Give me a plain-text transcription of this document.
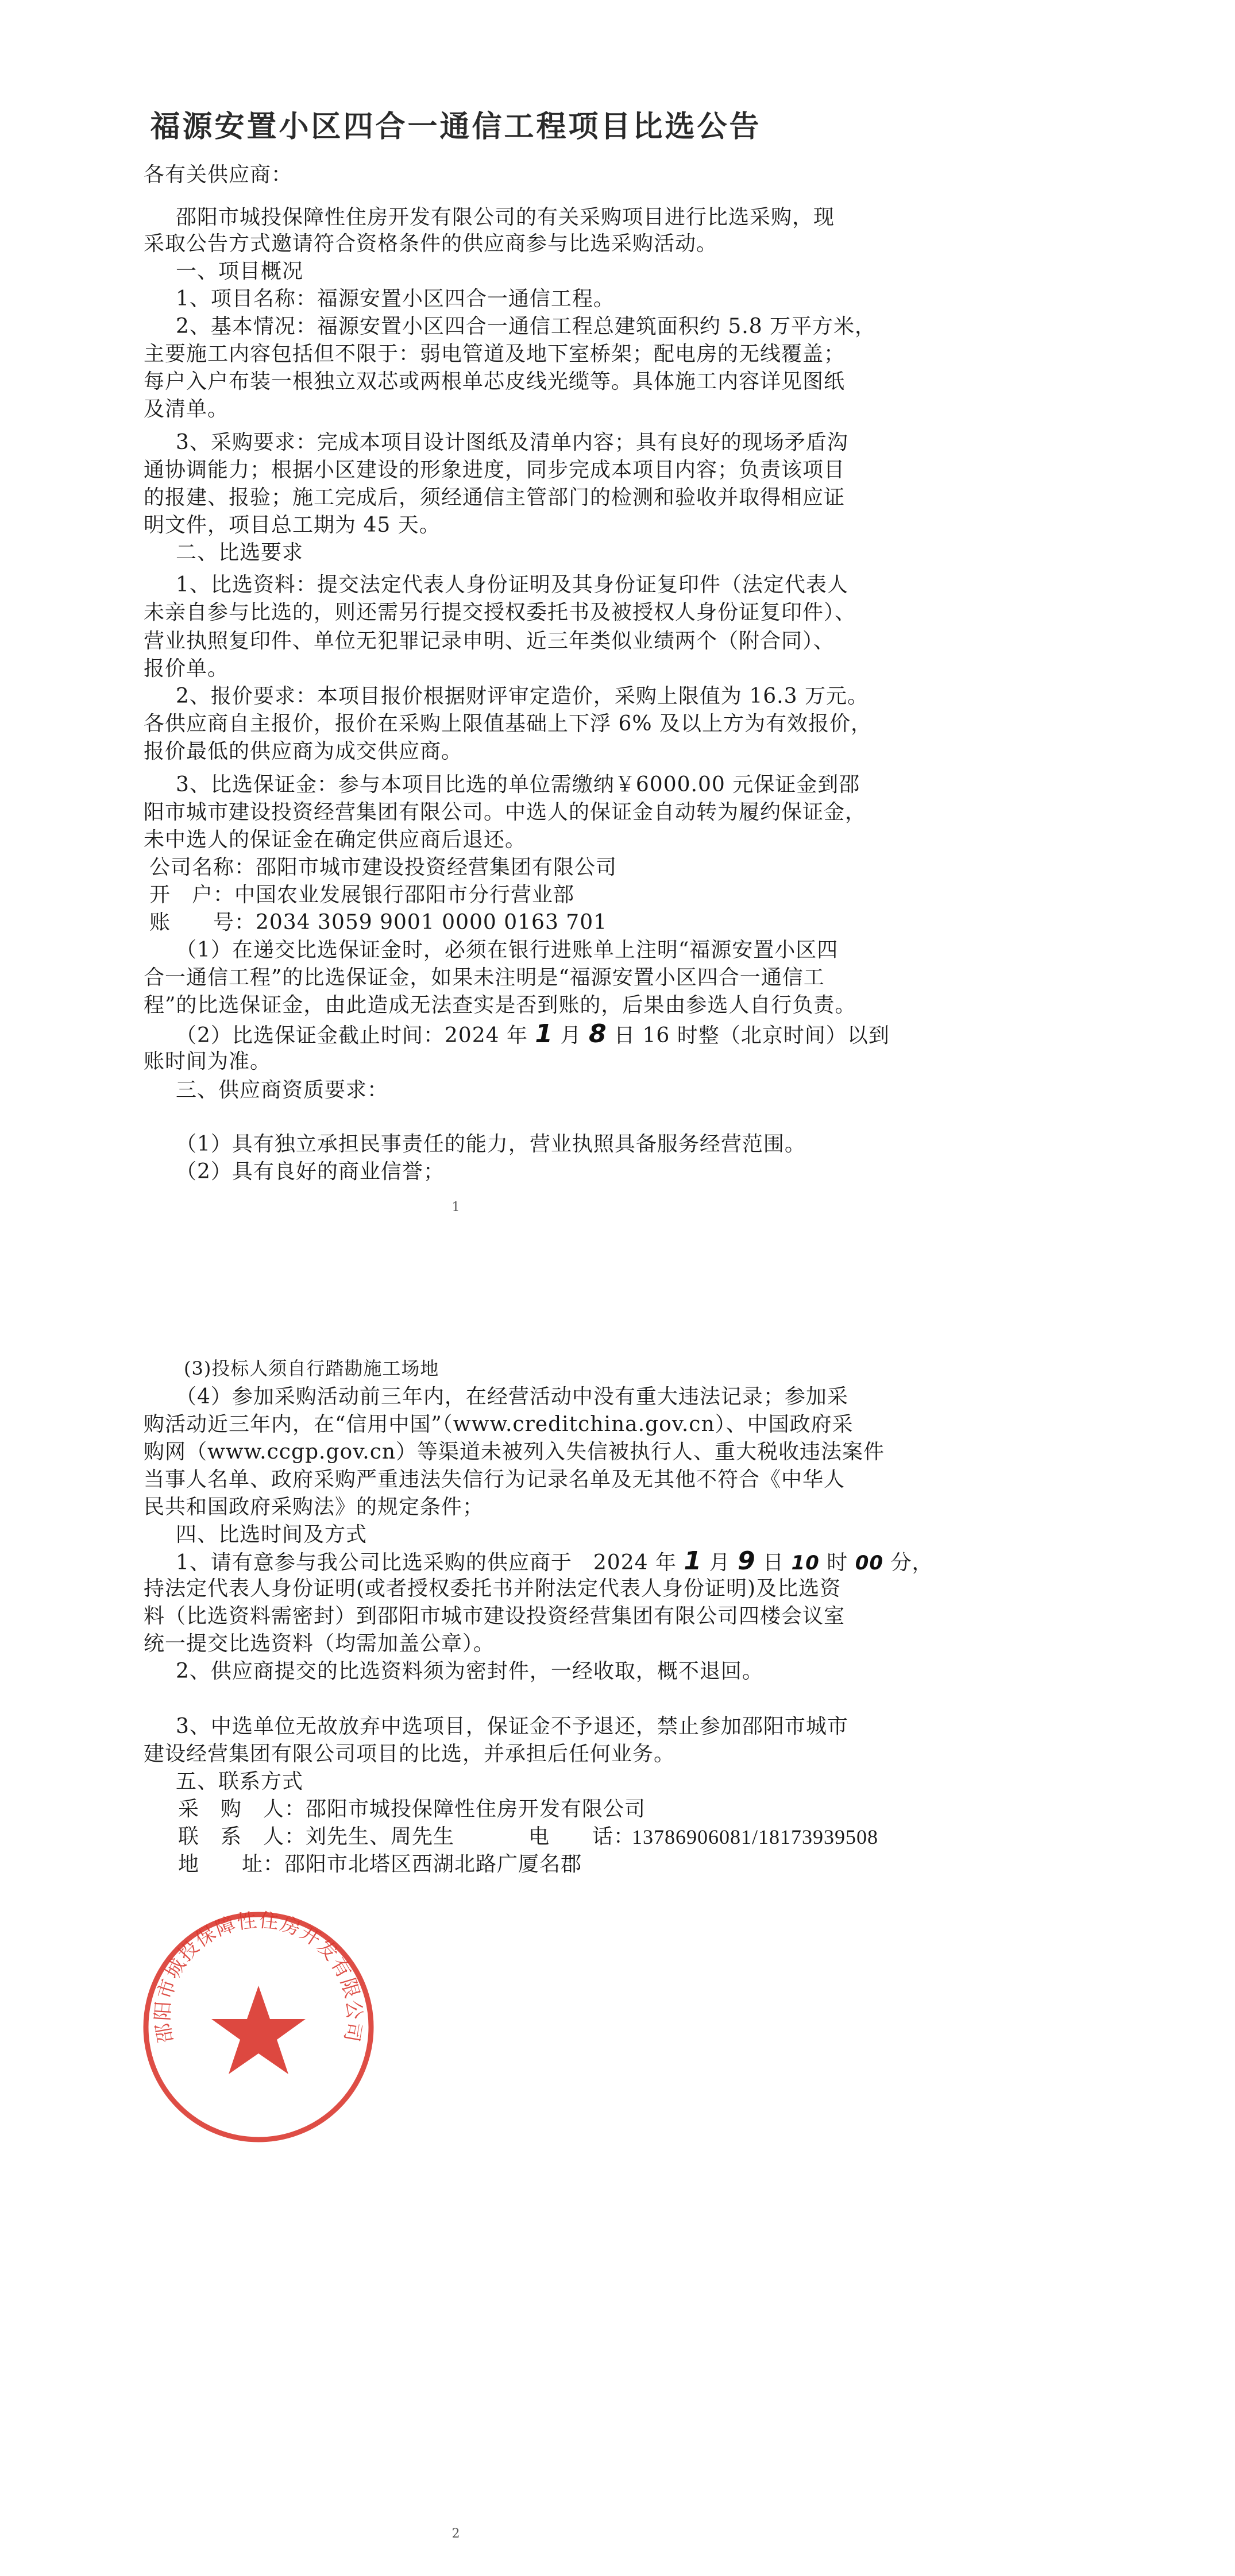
福源安置小区四合一通信工程项目比选公告
各有关供应商：
邵阳市城投保障性住房开发有限公司的有关采购项目进行比选采购，现
采取公告方式邀请符合资格条件的供应商参与比选采购活动。
一、项目概况
1、项目名称：福源安置小区四合一通信工程。
2、基本情况：福源安置小区四合一通信工程总建筑面积约 5.8 万平方米，
主要施工内容包括但不限于：弱电管道及地下室桥架；配电房的无线覆盖；
每户入户布装一根独立双芯或两根单芯皮线光缆等。具体施工内容详见图纸
及清单。
3、采购要求：完成本项目设计图纸及清单内容；具有良好的现场矛盾沟
通协调能力；根据小区建设的形象进度，同步完成本项目内容；负责该项目
的报建、报验；施工完成后，须经通信主管部门的检测和验收并取得相应证
明文件，项目总工期为 45 天。
二、比选要求
1、比选资料：提交法定代表人身份证明及其身份证复印件（法定代表人
未亲自参与比选的，则还需另行提交授权委托书及被授权人身份证复印件）、
营业执照复印件、单位无犯罪记录申明、近三年类似业绩两个（附合同）、
报价单。
2、报价要求：本项目报价根据财评审定造价，采购上限值为 16.3 万元。
各供应商自主报价，报价在采购上限值基础上下浮 6% 及以上方为有效报价，
报价最低的供应商为成交供应商。
3、比选保证金：参与本项目比选的单位需缴纳￥6000.00 元保证金到邵
阳市城市建设投资经营集团有限公司。中选人的保证金自动转为履约保证金，
未中选人的保证金在确定供应商后退还。
公司名称：邵阳市城市建设投资经营集团有限公司
开　户：中国农业发展银行邵阳市分行营业部
账　　号：2034 3059 9001 0000 0163 701
（1）在递交比选保证金时，必须在银行进账单上注明“福源安置小区四
合一通信工程”的比选保证金，如果未注明是“福源安置小区四合一通信工
程”的比选保证金，由此造成无法查实是否到账的，后果由参选人自行负责。
（2）比选保证金截止时间：2024 年 1 月 8 日 16 时整（北京时间）以到
账时间为准。
三、供应商资质要求：
（1）具有独立承担民事责任的能力，营业执照具备服务经营范围。
（2）具有良好的商业信誉；
1
(3)投标人须自行踏勘施工场地
（4）参加采购活动前三年内，在经营活动中没有重大违法记录；参加采
购活动近三年内，在“信用中国”（www.creditchina.gov.cn）、中国政府采
购网（www.ccgp.gov.cn）等渠道未被列入失信被执行人、重大税收违法案件
当事人名单、政府采购严重违法失信行为记录名单及无其他不符合《中华人
民共和国政府采购法》的规定条件；
四、比选时间及方式
1、请有意参与我公司比选采购的供应商于　2024 年 1 月 9 日 10 时 00 分，
持法定代表人身份证明(或者授权委托书并附法定代表人身份证明)及比选资
料（比选资料需密封）到邵阳市城市建设投资经营集团有限公司四楼会议室
统一提交比选资料（均需加盖公章）。
2、供应商提交的比选资料须为密封件，一经收取，概不退回。
3、中选单位无故放弃中选项目，保证金不予退还，禁止参加邵阳市城市
建设经营集团有限公司项目的比选，并承担后任何业务。
五、联系方式
采　购　人：邵阳市城投保障性住房开发有限公司
联　系　人：刘先生、周先生	电　　话：
13786906081/18173939508
地　　址：邵阳市北塔区西湖北路广厦名郡
2
邵阳市城投保障性住房开发有限公司
